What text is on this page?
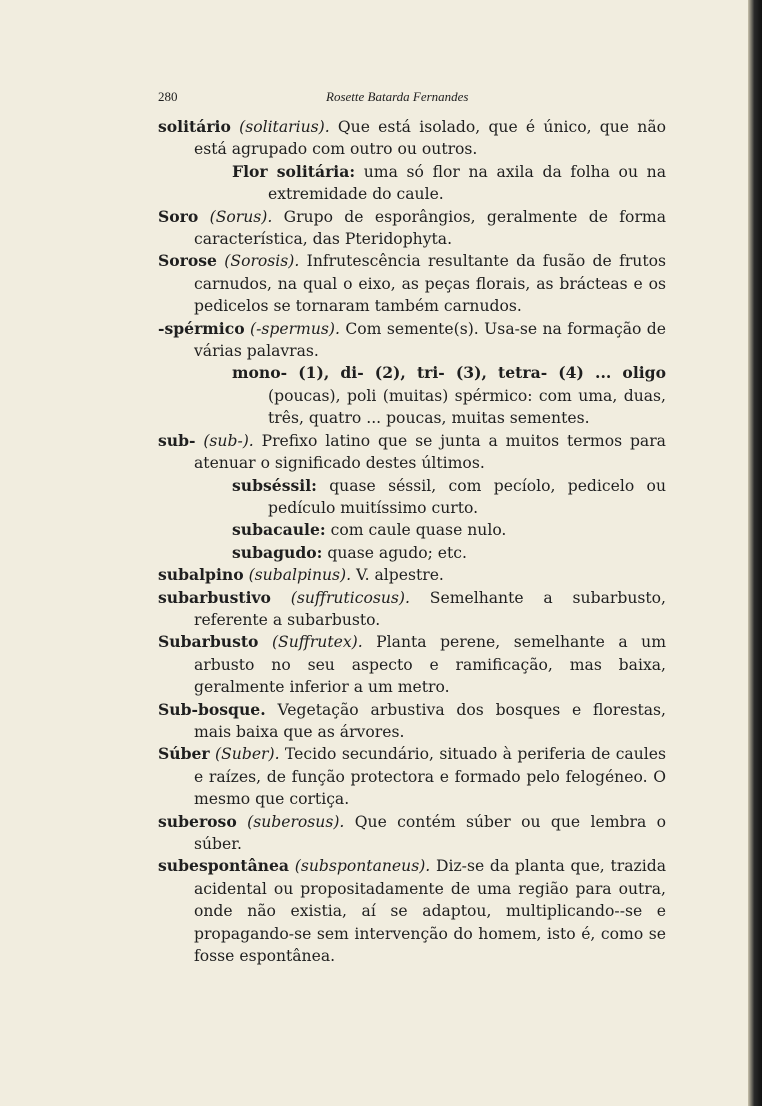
280	Rosette Batarda Fernandes

solitário (solitarius). Que está isolado, que é único, que não está agrupado com outro ou outros.

Flor solitária: uma só flor na axila da folha ou na extremidade do caule.

Soro (Sorus). Grupo de esporângios, geralmente de forma característica, das Pteridophyta.

Sorose (Sorosis). Infrutescência resultante da fusão de frutos carnudos, na qual o eixo, as peças florais, as brácteas e os pedicelos se tornaram também carnudos.

-spérmico (-spermus). Com semente(s). Usa-se na formação de várias palavras.

mono- (1), di- (2), tri- (3), tetra- (4) ... oligo (poucas), poli (muitas) spérmico: com uma, duas, três, quatro ... poucas, muitas sementes.

sub- (sub-). Prefixo latino que se junta a muitos termos para atenuar o significado destes últimos.

subséssil: quase séssil, com pecíolo, pedicelo ou pedículo muitíssimo curto.

subacaule: com caule quase nulo.

subagudo: quase agudo; etc.

subalpino (subalpinus). V. alpestre.

subarbustivo (suffruticosus). Semelhante a subarbusto, referente a subarbusto.

Subarbusto (Suffrutex). Planta perene, semelhante a um arbusto no seu aspecto e ramificação, mas baixa, geralmente inferior a um metro.

Sub-bosque. Vegetação arbustiva dos bosques e florestas, mais baixa que as árvores.

Súber (Suber). Tecido secundário, situado à periferia de caules e raízes, de função protectora e formado pelo felogéneo. O mesmo que cortiça.

suberoso (suberosus). Que contém súber ou que lembra o súber.

subespontânea (subspontaneus). Diz-se da planta que, trazida acidental ou propositadamente de uma região para outra, onde não existia, aí se adaptou, multiplicando--se e propagando-se sem intervenção do homem, isto é, como se fosse espontânea.
